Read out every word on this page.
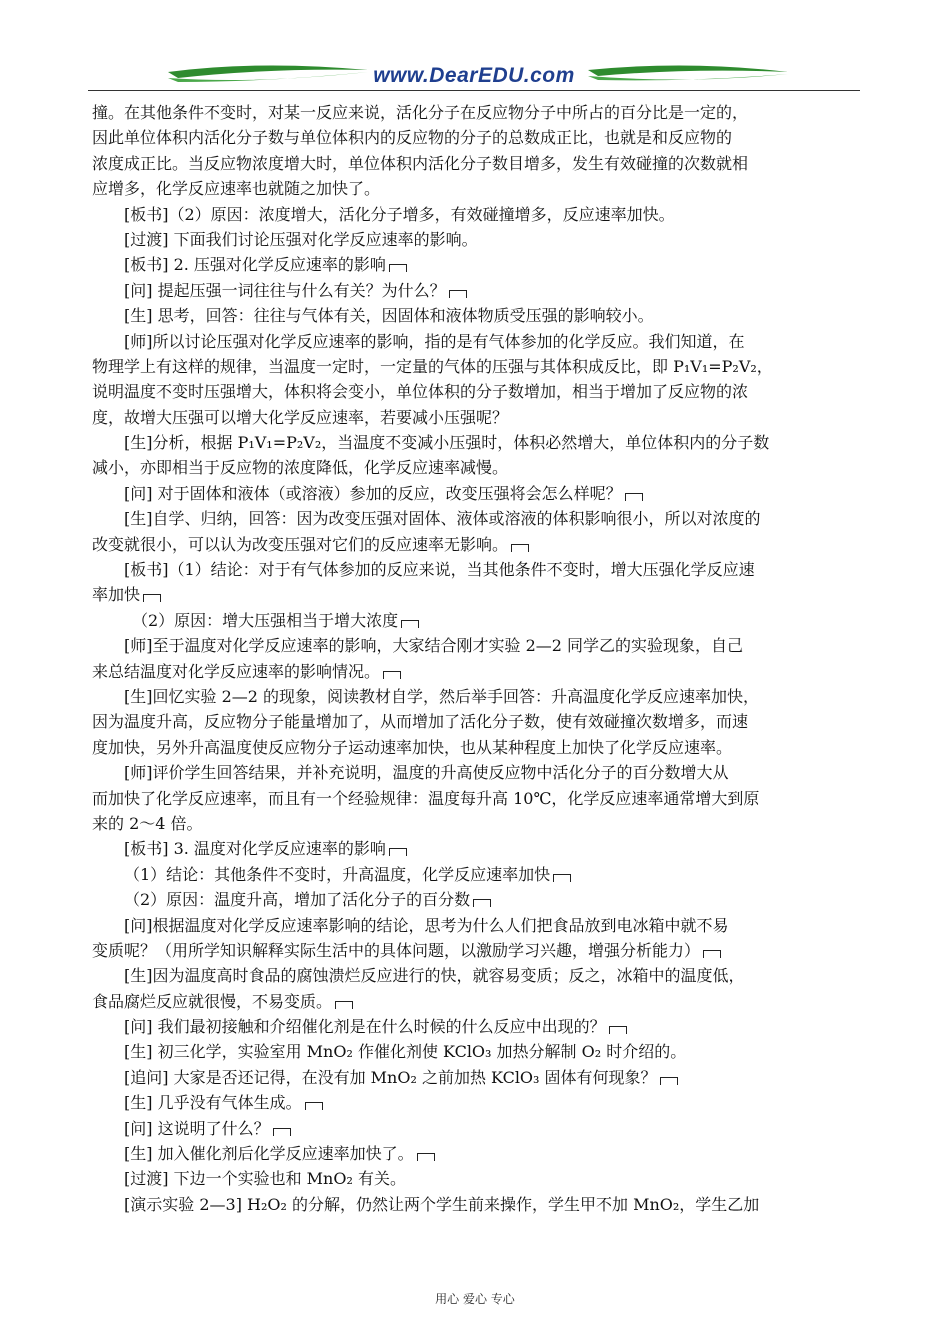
www.DearEDU.com
撞。在其他条件不变时，对某一反应来说，活化分子在反应物分子中所占的百分比是一定的，
因此单位体积内活化分子数与单位体积内的反应物的分子的总数成正比，也就是和反应物的
浓度成正比。当反应物浓度增大时，单位体积内活化分子数目增多，发生有效碰撞的次数就相
应增多，化学反应速率也就随之加快了。
[板书]（2）原因：浓度增大，活化分子增多，有效碰撞增多，反应速率加快。
[过渡] 下面我们讨论压强对化学反应速率的影响。
[板书] 2. 压强对化学反应速率的影响
[问] 提起压强一词往往与什么有关？为什么？
[生] 思考，回答：往往与气体有关，因固体和液体物质受压强的影响较小。
[师]所以讨论压强对化学反应速率的影响，指的是有气体参加的化学反应。我们知道，在
物理学上有这样的规律，当温度一定时，一定量的气体的压强与其体积成反比，即 P₁V₁=P₂V₂，
说明温度不变时压强增大，体积将会变小，单位体积的分子数增加，相当于增加了反应物的浓
度，故增大压强可以增大化学反应速率，若要减小压强呢？
[生]分析，根据 P₁V₁=P₂V₂，当温度不变减小压强时，体积必然增大，单位体积内的分子数
减小，亦即相当于反应物的浓度降低，化学反应速率减慢。
[问] 对于固体和液体（或溶液）参加的反应，改变压强将会怎么样呢？
[生]自学、归纳，回答：因为改变压强对固体、液体或溶液的体积影响很小，所以对浓度的
改变就很小，可以认为改变压强对它们的反应速率无影响。
[板书]（1）结论：对于有气体参加的反应来说，当其他条件不变时，增大压强化学反应速
率加快
（2）原因：增大压强相当于增大浓度
[师]至于温度对化学反应速率的影响，大家结合刚才实验 2—2 同学乙的实验现象，自己
来总结温度对化学反应速率的影响情况。
[生]回忆实验 2—2 的现象，阅读教材自学，然后举手回答：升高温度化学反应速率加快，
因为温度升高，反应物分子能量增加了，从而增加了活化分子数，使有效碰撞次数增多，而速
度加快，另外升高温度使反应物分子运动速率加快，也从某种程度上加快了化学反应速率。
[师]评价学生回答结果，并补充说明，温度的升高使反应物中活化分子的百分数增大从
而加快了化学反应速率，而且有一个经验规律：温度每升高 10℃，化学反应速率通常增大到原
来的 2～4 倍。
[板书] 3. 温度对化学反应速率的影响
（1）结论：其他条件不变时，升高温度，化学反应速率加快
（2）原因：温度升高，增加了活化分子的百分数
[问]根据温度对化学反应速率影响的结论，思考为什么人们把食品放到电冰箱中就不易
变质呢？（用所学知识解释实际生活中的具体问题，以激励学习兴趣，增强分析能力）
[生]因为温度高时食品的腐蚀溃烂反应进行的快，就容易变质；反之，冰箱中的温度低，
食品腐烂反应就很慢，不易变质。
[问] 我们最初接触和介绍催化剂是在什么时候的什么反应中出现的？
[生] 初三化学，实验室用 MnO₂ 作催化剂使 KClO₃ 加热分解制 O₂ 时介绍的。
[追问] 大家是否还记得，在没有加 MnO₂ 之前加热 KClO₃ 固体有何现象？
[生] 几乎没有气体生成。
[问] 这说明了什么？
[生] 加入催化剂后化学反应速率加快了。
[过渡] 下边一个实验也和 MnO₂ 有关。
[演示实验 2—3] H₂O₂ 的分解，仍然让两个学生前来操作，学生甲不加 MnO₂，学生乙加
用心 爱心 专心
